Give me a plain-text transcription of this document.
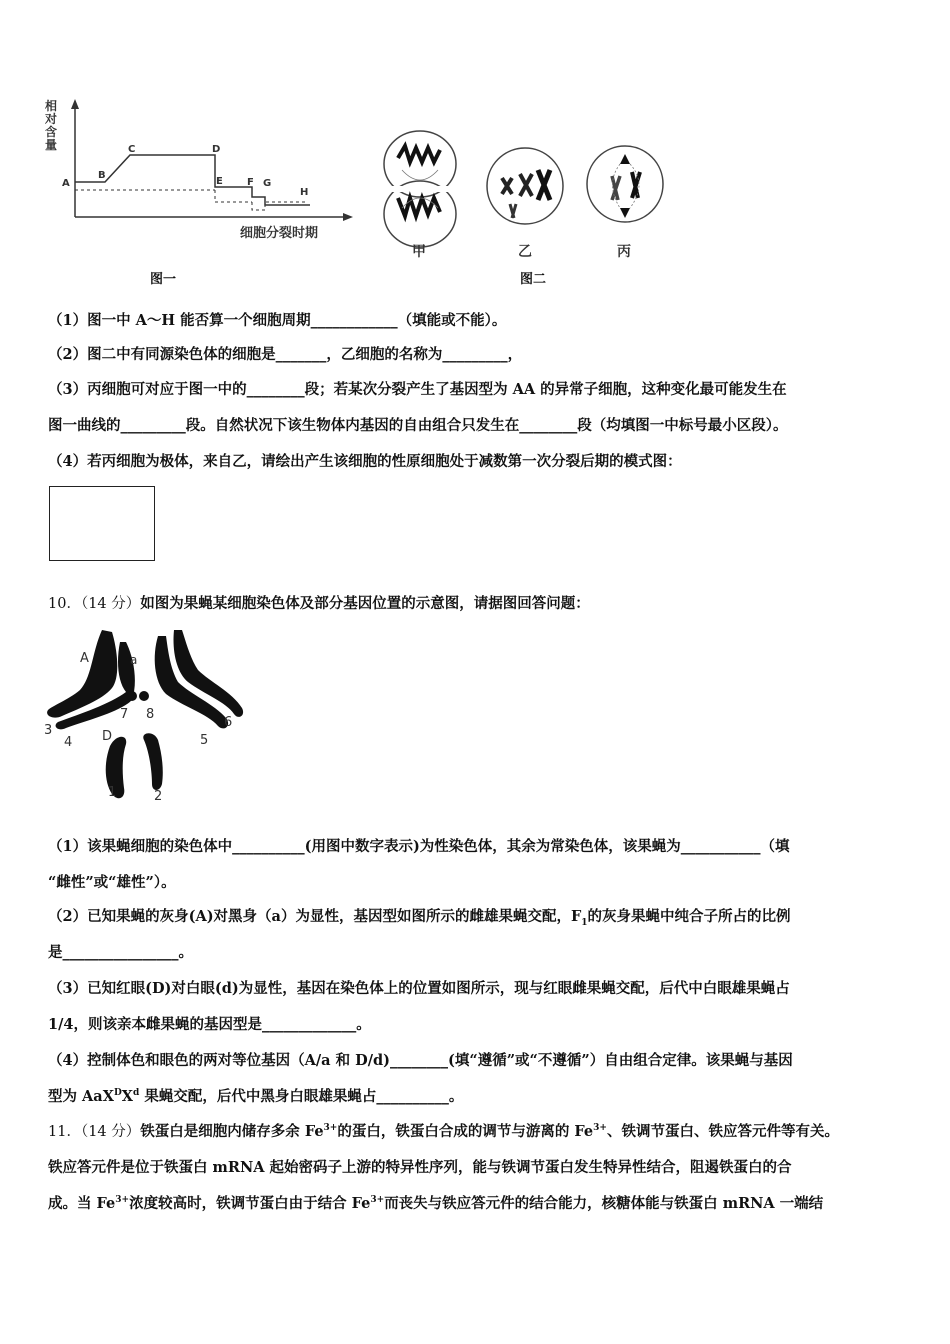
相
对
含
量
A
B
C	D
E F G
H
细胞分裂时期
图一
甲	乙	丙
图二
（1）图一中 A～H 能否算一个细胞周期____________（填能或不能）。
（2）图二中有同源染色体的细胞是_______，乙细胞的名称为_________，
（3）丙细胞可对应于图一中的________段；若某次分裂产生了基因型为 AA 的异常子细胞，这种变化最可能发生在
图一曲线的_________段。自然状况下该生物体内基因的自由组合只发生在________段（均填图一中标号最小区段）。
（4）若丙细胞为极体，来自乙，请绘出产生该细胞的性原细胞处于减数第一次分裂后期的模式图：
10．（14 分）如图为果蝇某细胞染色体及部分基因位置的示意图，请据图回答问题：
A	a
D
1	2
3
4	5
6
7 8
（1）该果蝇细胞的染色体中__________(用图中数字表示)为性染色体，其余为常染色体，该果蝇为___________（填
“雌性”或“雄性”）。
（2）已知果蝇的灰身(A)对黑身（a）为显性，基因型如图所示的雌雄果蝇交配，$F_1$的灰身果蝇中纯合子所占的比例
是________________。
（3）已知红眼(D)对白眼(d)为显性，基因在染色体上的位置如图所示，现与红眼雌果蝇交配，后代中白眼雄果蝇占
1/4，则该亲本雌果蝇的基因型是_____________。
（4）控制体色和眼色的两对等位基因（A/a 和 D/d)________(填“遵循”或“不遵循”）自由组合定律。该果蝇与基因
型为 $AaX^DX^d$ 果蝇交配，后代中黑身白眼雄果蝇占__________。
11．（14 分）铁蛋白是细胞内储存多余 $Fe^{3+}$的蛋白，铁蛋白合成的调节与游离的 $Fe^{3+}$、铁调节蛋白、铁应答元件等有关。
铁应答元件是位于铁蛋白 mRNA 起始密码子上游的特异性序列，能与铁调节蛋白发生特异性结合，阻遏铁蛋白的合
成。当 $Fe^{3+}$浓度较高时，铁调节蛋白由于结合 $Fe^{3+}$而丧失与铁应答元件的结合能力，核糖体能与铁蛋白 mRNA 一端结
